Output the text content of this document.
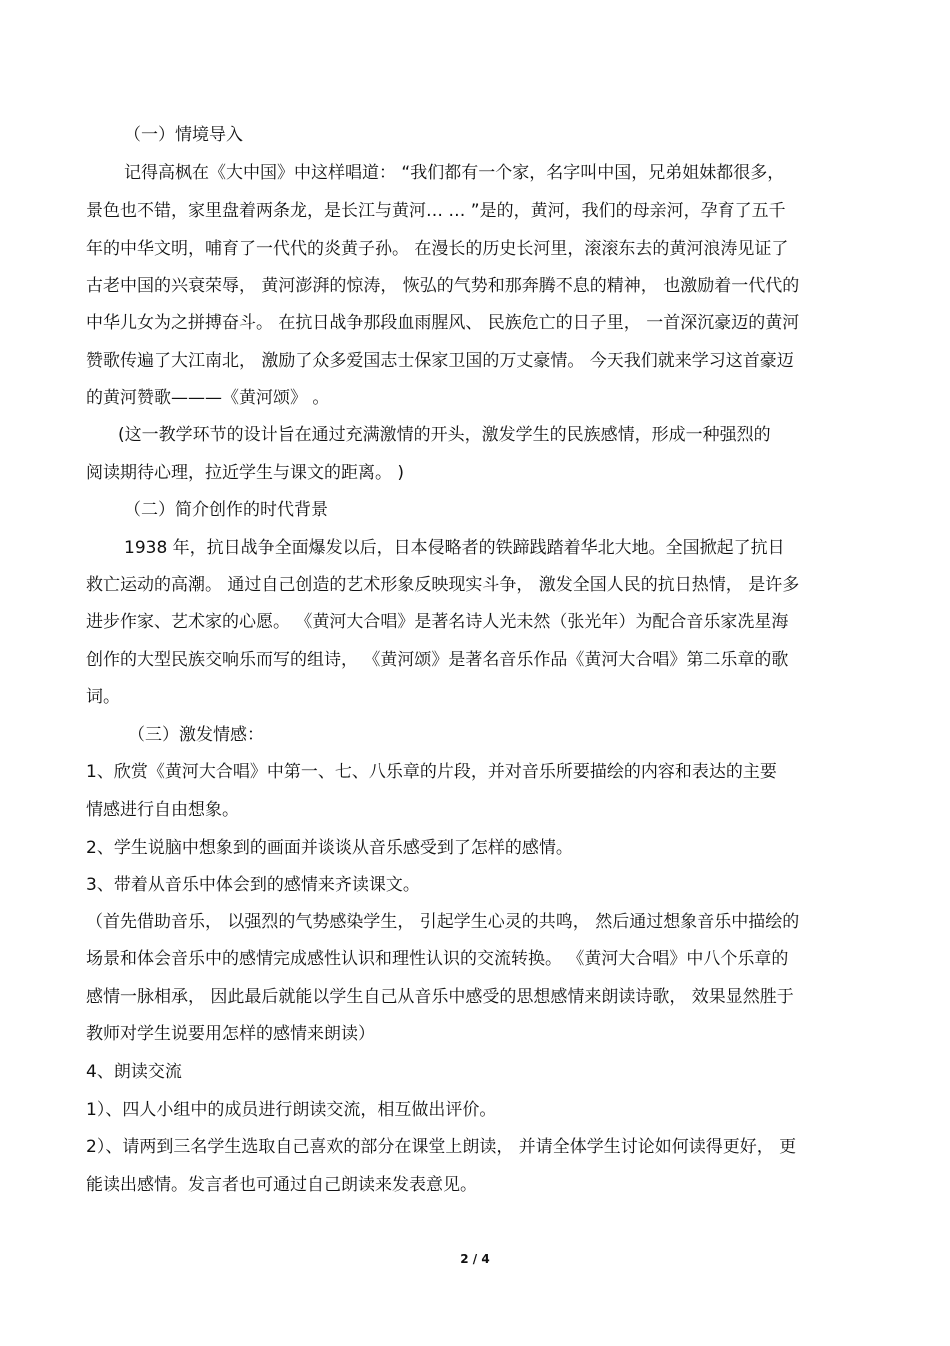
（一）情境导入
记得高枫在《大中国》中这样唱道： “我们都有一个家，名字叫中国，兄弟姐妹都很多，
景色也不错，家里盘着两条龙，是长江与黄河… … ”是的，黄河，我们的母亲河，孕育了五千
年的中华文明，哺育了一代代的炎黄子孙。 在漫长的历史长河里，滚滚东去的黄河浪涛见证了
古老中国的兴衰荣辱， 黄河澎湃的惊涛， 恢弘的气势和那奔腾不息的精神， 也激励着一代代的
中华儿女为之拼搏奋斗。 在抗日战争那段血雨腥风、 民族危亡的日子里， 一首深沉豪迈的黄河
赞歌传遍了大江南北， 激励了众多爱国志士保家卫国的万丈豪情。 今天我们就来学习这首豪迈
的黄河赞歌———《黄河颂》 。
(这一教学环节的设计旨在通过充满激情的开头，激发学生的民族感情，形成一种强烈的
阅读期待心理，拉近学生与课文的距离。 )
（二）简介创作的时代背景
1938 年，抗日战争全面爆发以后，日本侵略者的铁蹄践踏着华北大地。全国掀起了抗日
救亡运动的高潮。 通过自己创造的艺术形象反映现实斗争， 激发全国人民的抗日热情， 是许多
进步作家、艺术家的心愿。 《黄河大合唱》是著名诗人光未然（张光年）为配合音乐家冼星海
创作的大型民族交响乐而写的组诗， 《黄河颂》是著名音乐作品《黄河大合唱》第二乐章的歌
词。
（三）激发情感：
1、欣赏《黄河大合唱》中第一、七、八乐章的片段，并对音乐所要描绘的内容和表达的主要
情感进行自由想象。
2、学生说脑中想象到的画面并谈谈从音乐感受到了怎样的感情。
3、带着从音乐中体会到的感情来齐读课文。
（首先借助音乐， 以强烈的气势感染学生， 引起学生心灵的共鸣， 然后通过想象音乐中描绘的
场景和体会音乐中的感情完成感性认识和理性认识的交流转换。 《黄河大合唱》中八个乐章的
感情一脉相承， 因此最后就能以学生自己从音乐中感受的思想感情来朗读诗歌， 效果显然胜于
教师对学生说要用怎样的感情来朗读）
4、朗读交流
1）、四人小组中的成员进行朗读交流，相互做出评价。
2）、请两到三名学生选取自己喜欢的部分在课堂上朗读， 并请全体学生讨论如何读得更好， 更
能读出感情。发言者也可通过自己朗读来发表意见。
2 / 4
